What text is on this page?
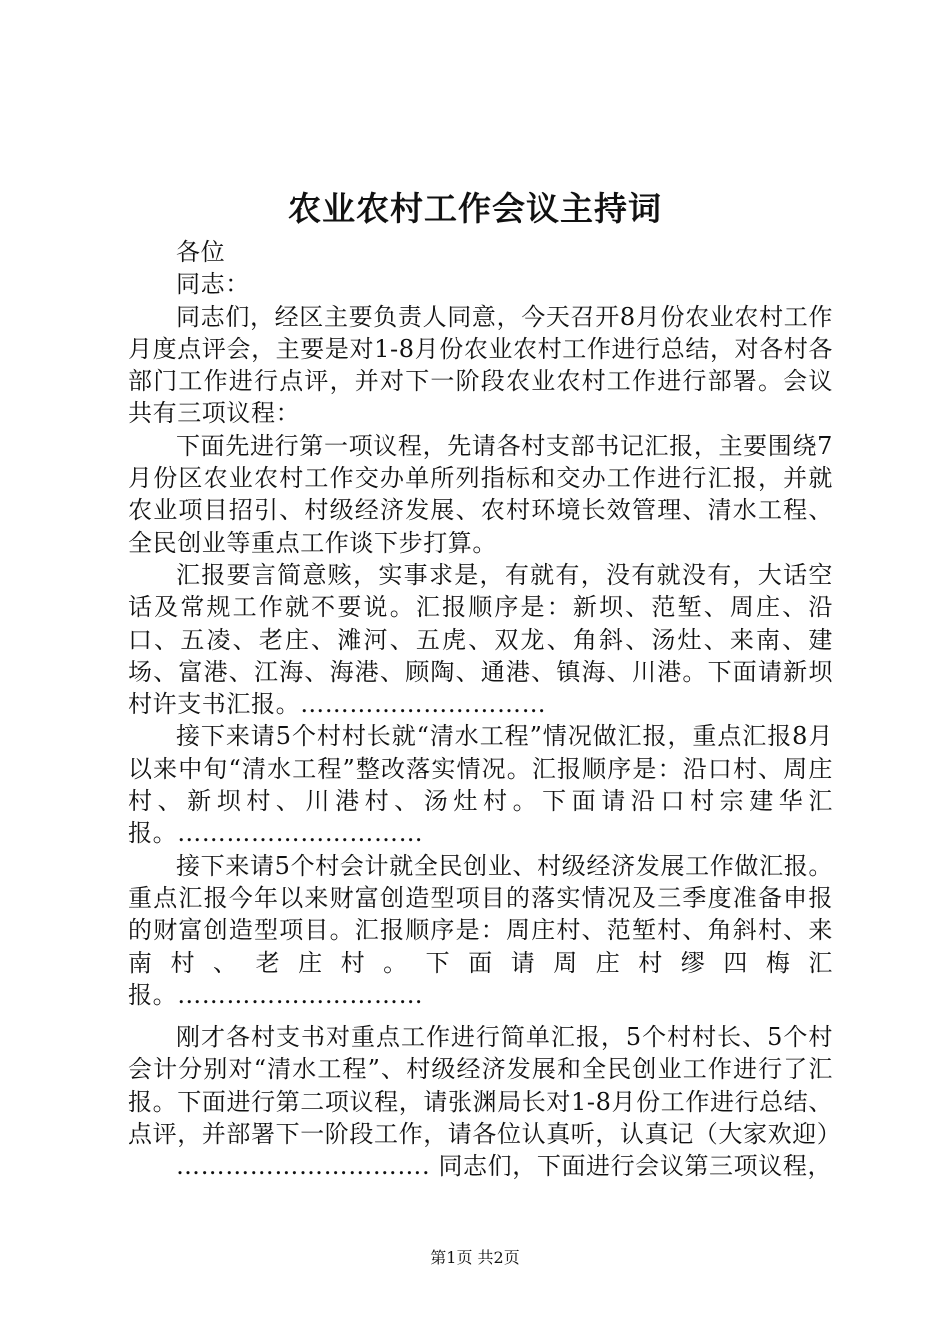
农业农村工作会议主持词

各位

同志：

同志们，经区主要负责人同意，今天召开8月份农业农村工作月度点评会，主要是对1-8月份农业农村工作进行总结，对各村各部门工作进行点评，并对下一阶段农业农村工作进行部署。会议共有三项议程：

下面先进行第一项议程，先请各村支部书记汇报，主要围绕7月份区农业农村工作交办单所列指标和交办工作进行汇报，并就农业项目招引、村级经济发展、农村环境长效管理、清水工程、全民创业等重点工作谈下步打算。

汇报要言简意赅，实事求是，有就有，没有就没有，大话空话及常规工作就不要说。汇报顺序是：新坝、范堑、周庄、沿口、五凌、老庄、滩河、五虎、双龙、角斜、汤灶、来南、建场、富港、江海、海港、顾陶、通港、镇海、川港。下面请新坝村许支书汇报。…………………………

接下来请5个村村长就“清水工程”情况做汇报，重点汇报8月以来中旬“清水工程”整改落实情况。汇报顺序是：沿口村、周庄村、新坝村、川港村、汤灶村。下面请沿口村宗建华汇报。…………………………

接下来请5个村会计就全民创业、村级经济发展工作做汇报。重点汇报今年以来财富创造型项目的落实情况及三季度准备申报的财富创造型项目。汇报顺序是：周庄村、范堑村、角斜村、来南村、老庄村。下面请周庄村缪四梅汇报。…………………………

刚才各村支书对重点工作进行简单汇报，5个村村长、5个村会计分别对“清水工程”、村级经济发展和全民创业工作进行了汇报。下面进行第二项议程，请张渊局长对1-8月份工作进行总结、点评，并部署下一阶段工作，请各位认真听，认真记（大家欢迎）

…………………………. 同志们，下面进行会议第三项议程，

第1页 共2页
